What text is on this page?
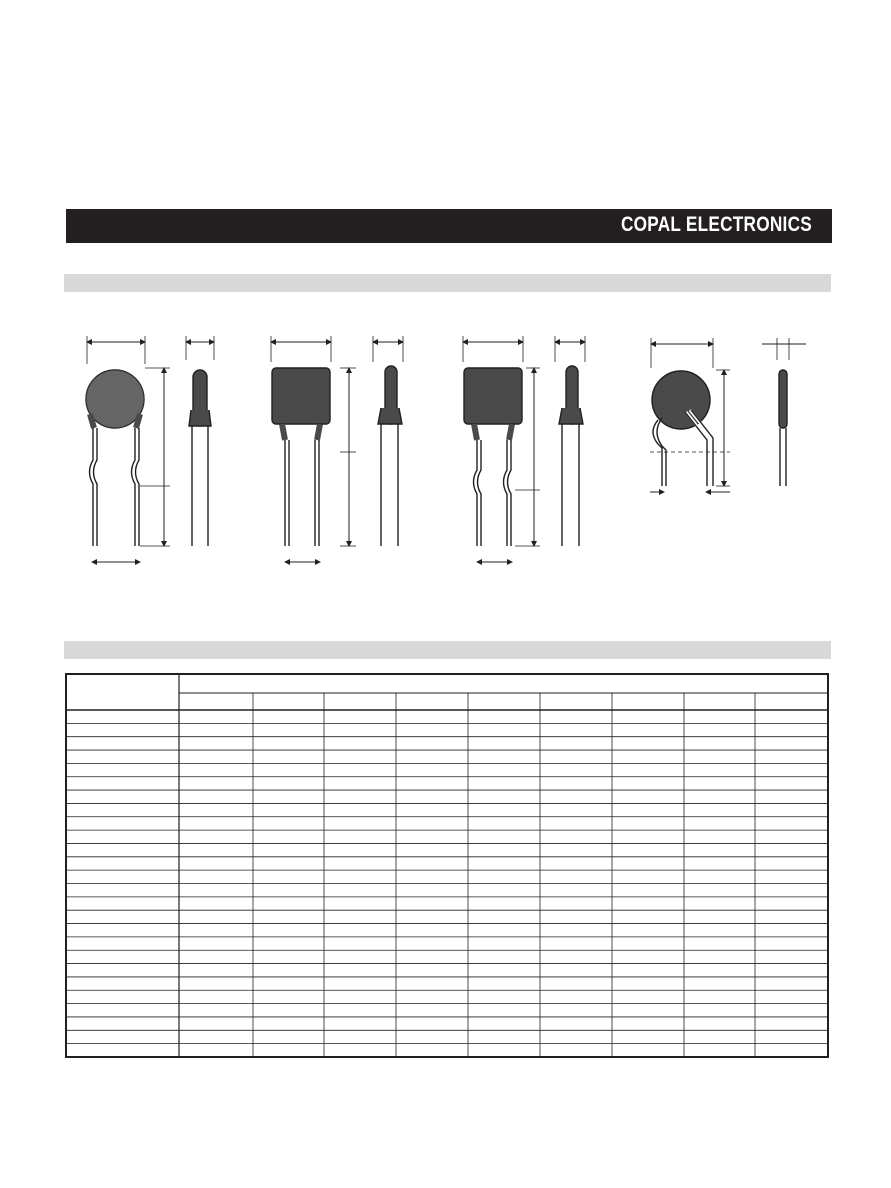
COPAL ELECTRONICS
